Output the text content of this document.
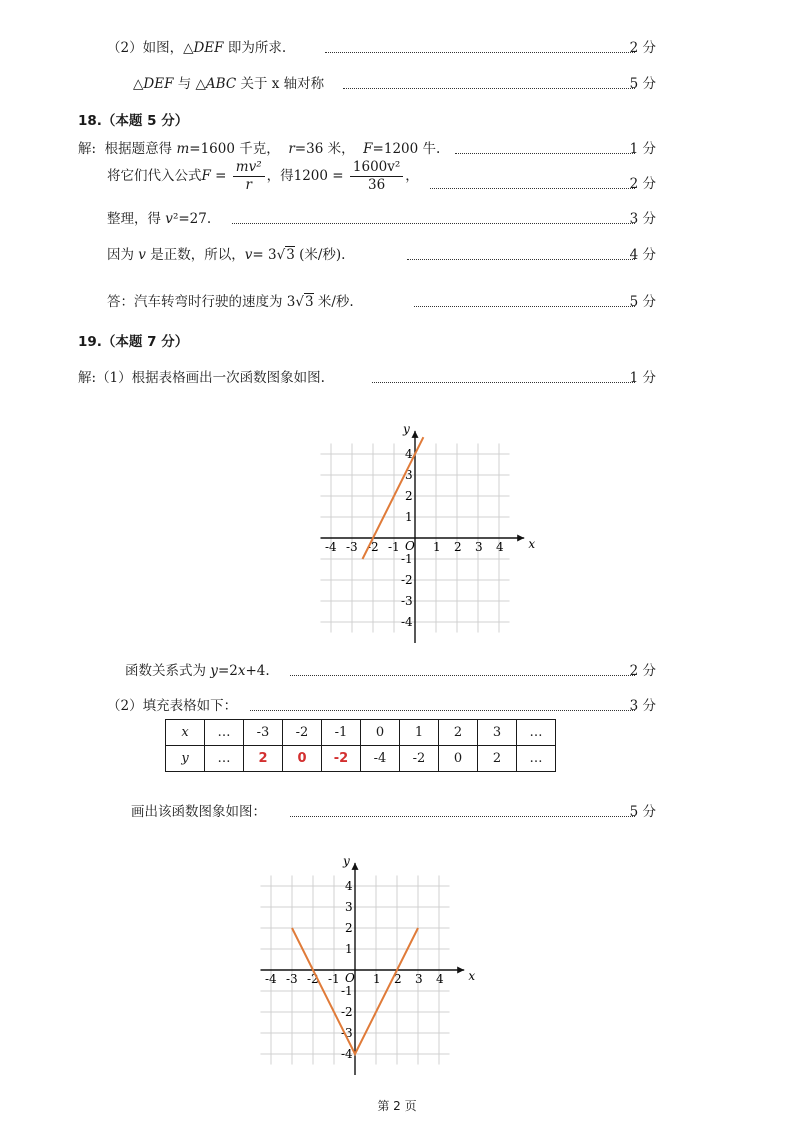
（2）如图，△DEF 即为所求.	2 分
△DEF 与 △ABC 关于 x 轴对称	5 分
18.（本题 5 分）
解: 根据题意得 m=1600 千克， r=36 米， F=1200 牛.	1 分
将它们代入公式$F = \frac{\text{mv²}}{r}$ ，得$1200 = \frac{\text{1600v²}}{36}$ ，
2 分
整理，得 v²=27.	3 分
因为 v 是正数，所以，v= 3√3 (米/秒).	4 分
答：汽车转弯时行驶的速度为 3√3 米/秒.	5 分
19.（本题 7 分）
解:（1）根据表格画出一次函数图象如图.	1 分
x
y
O
-4 -3 -2 -1	1 2 3 4
4
3
2
1
-1
-2
-3
-4
函数关系式为 y=2x+4.	2 分
（2）填充表格如下：	3 分
x	…	-3	-2	-1	0	1	2	3	…
y	…	2	0	-2	-4	-2	0	2	…
画出该函数图象如图：	5 分
x
y
O
-4 -3 -2 -1	1 2 3 4
4
3
2
1
-1
-2
-3
-4
第 2 页
